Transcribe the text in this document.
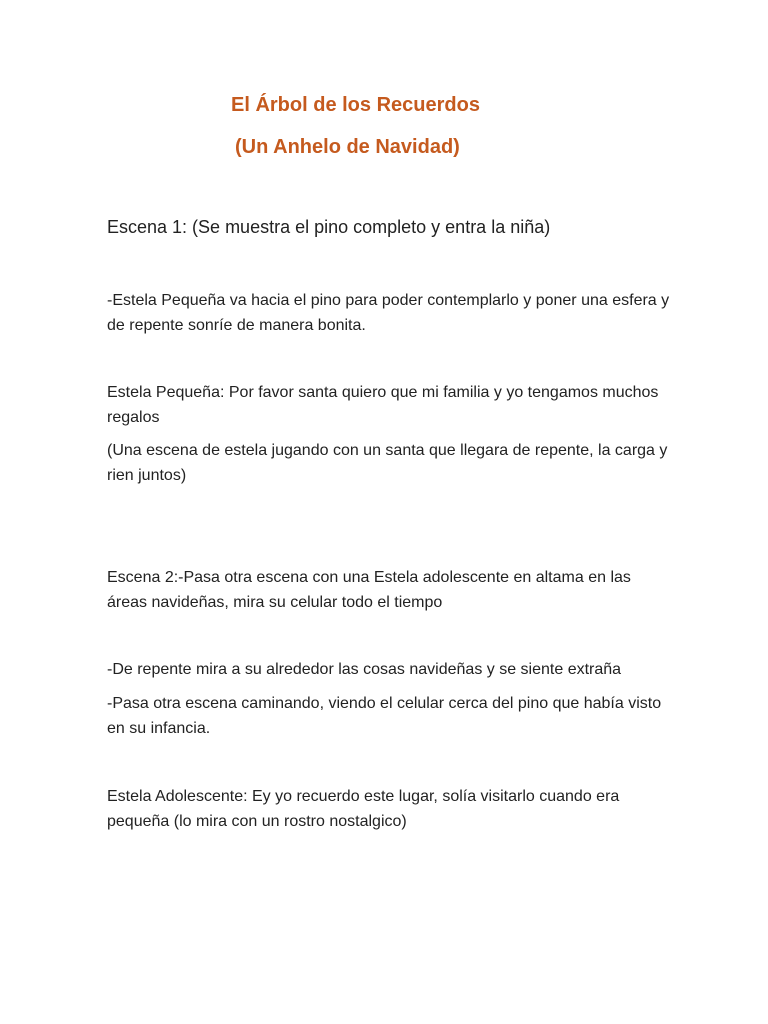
El Árbol de los Recuerdos
(Un Anhelo de Navidad)
Escena 1: (Se muestra el pino completo y entra la niña)
-Estela Pequeña va hacia el pino para poder contemplarlo y poner una esfera y de repente sonríe de manera bonita.
Estela Pequeña: Por favor santa quiero que mi familia y yo tengamos muchos regalos
(Una escena de estela jugando con un santa que llegara de repente, la carga y rien juntos)
Escena 2:-Pasa otra escena con una Estela adolescente en altama en las áreas navideñas, mira su celular todo el tiempo
-De repente mira a su alrededor las cosas navideñas y se siente extraña
-Pasa otra escena caminando, viendo el celular cerca del pino que había visto en su infancia.
Estela Adolescente: Ey yo recuerdo este lugar, solía visitarlo cuando era pequeña (lo mira con un rostro nostalgico)
